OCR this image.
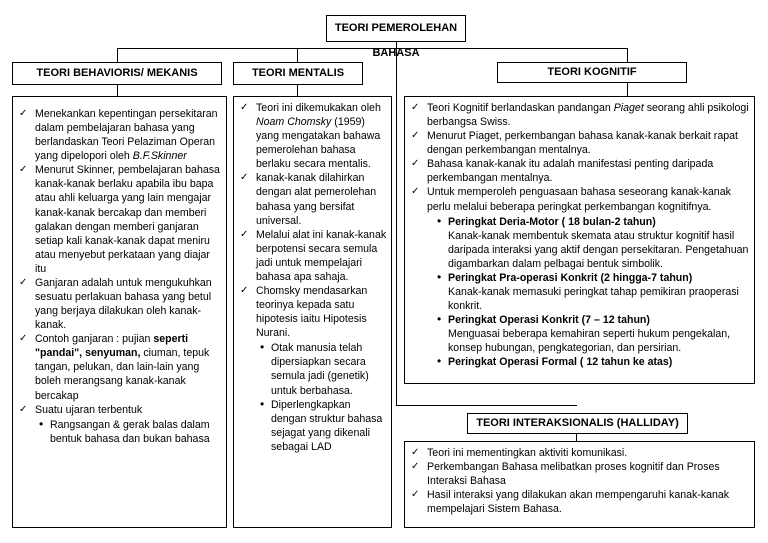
TEORI PEMEROLEHAN BAHASA
TEORI BEHAVIORIS/ MEKANIS
✓ Menekankan kepentingan persekitaran dalam pembelajaran bahasa yang berlandaskan Teori Pelaziman Operan yang dipelopori oleh B.F.Skinner
✓ Menurut Skinner, pembelajaran bahasa kanak-kanak berlaku apabila ibu bapa atau ahli keluarga yang lain mengajar kanak-kanak bercakap dan memberi galakan dengan memberi ganjaran setiap kali kanak-kanak dapat meniru atau menyebut perkataan yang diajar itu
✓ Ganjaran adalah untuk mengukuhkan sesuatu perlakuan bahasa yang betul yang berjaya dilakukan oleh kanak-kanak.
✓ Contoh ganjaran : pujian seperti "pandai", senyuman, ciuman, tepuk tangan, pelukan, dan lain-lain yang boleh merangsang kanak-kanak bercakap
✓ Suatu ujaran terbentuk
• Rangsangan & gerak balas dalam bentuk bahasa dan bukan bahasa
TEORI MENTALIS
✓ Teori ini dikemukakan oleh Noam Chomsky (1959) yang mengatakan bahawa pemerolehan bahasa berlaku secara mentalis.
✓ kanak-kanak dilahirkan dengan alat pemerolehan bahasa yang bersifat universal.
✓ Melalui alat ini kanak-kanak berpotensi secara semula jadi untuk mempelajari bahasa apa sahaja.
✓ Chomsky mendasarkan teorinya kepada satu hipotesis iaitu Hipotesis Nurani.
• Otak manusia telah dipersiapkan secara semula jadi (genetik) untuk berbahasa.
• Diperlengkapkan dengan struktur bahasa sejagat yang dikenali sebagai LAD
TEORI KOGNITIF
✓ Teori Kognitif berlandaskan pandangan Piaget seorang ahli psikologi berbangsa Swiss.
✓ Menurut Piaget, perkembangan bahasa kanak-kanak berkait rapat dengan perkembangan mentalnya.
✓ Bahasa kanak-kanak itu adalah manifestasi penting daripada perkembangan mentalnya.
✓ Untuk memperoleh penguasaan bahasa seseorang kanak-kanak perlu melalui beberapa peringkat perkembangan kognitifnya.
• Peringkat Deria-Motor ( 18 bulan-2 tahun)
Kanak-kanak membentuk skemata atau struktur kognitif hasil daripada interaksi yang aktif dengan persekitaran. Pengetahuan digambarkan dalam pelbagai bentuk simbolik.
• Peringkat Pra-operasi Konkrit (2 hingga-7 tahun)
Kanak-kanak memasuki peringkat tahap pemikiran praoperasi konkrit.
• Peringkat Operasi Konkrit (7 – 12 tahun)
Menguasai beberapa kemahiran seperti hukum pengekalan, konsep hubungan, pengkategorian, dan persirian.
• Peringkat Operasi Formal ( 12 tahun ke atas)
TEORI INTERAKSIONALIS (HALLIDAY)
✓ Teori ini mementingkan aktiviti komunikasi.
✓ Perkembangan Bahasa melibatkan proses kognitif dan Proses Interaksi Bahasa
✓ Hasil interaksi yang dilakukan akan mempengaruhi kanak-kanak mempelajari Sistem Bahasa.
